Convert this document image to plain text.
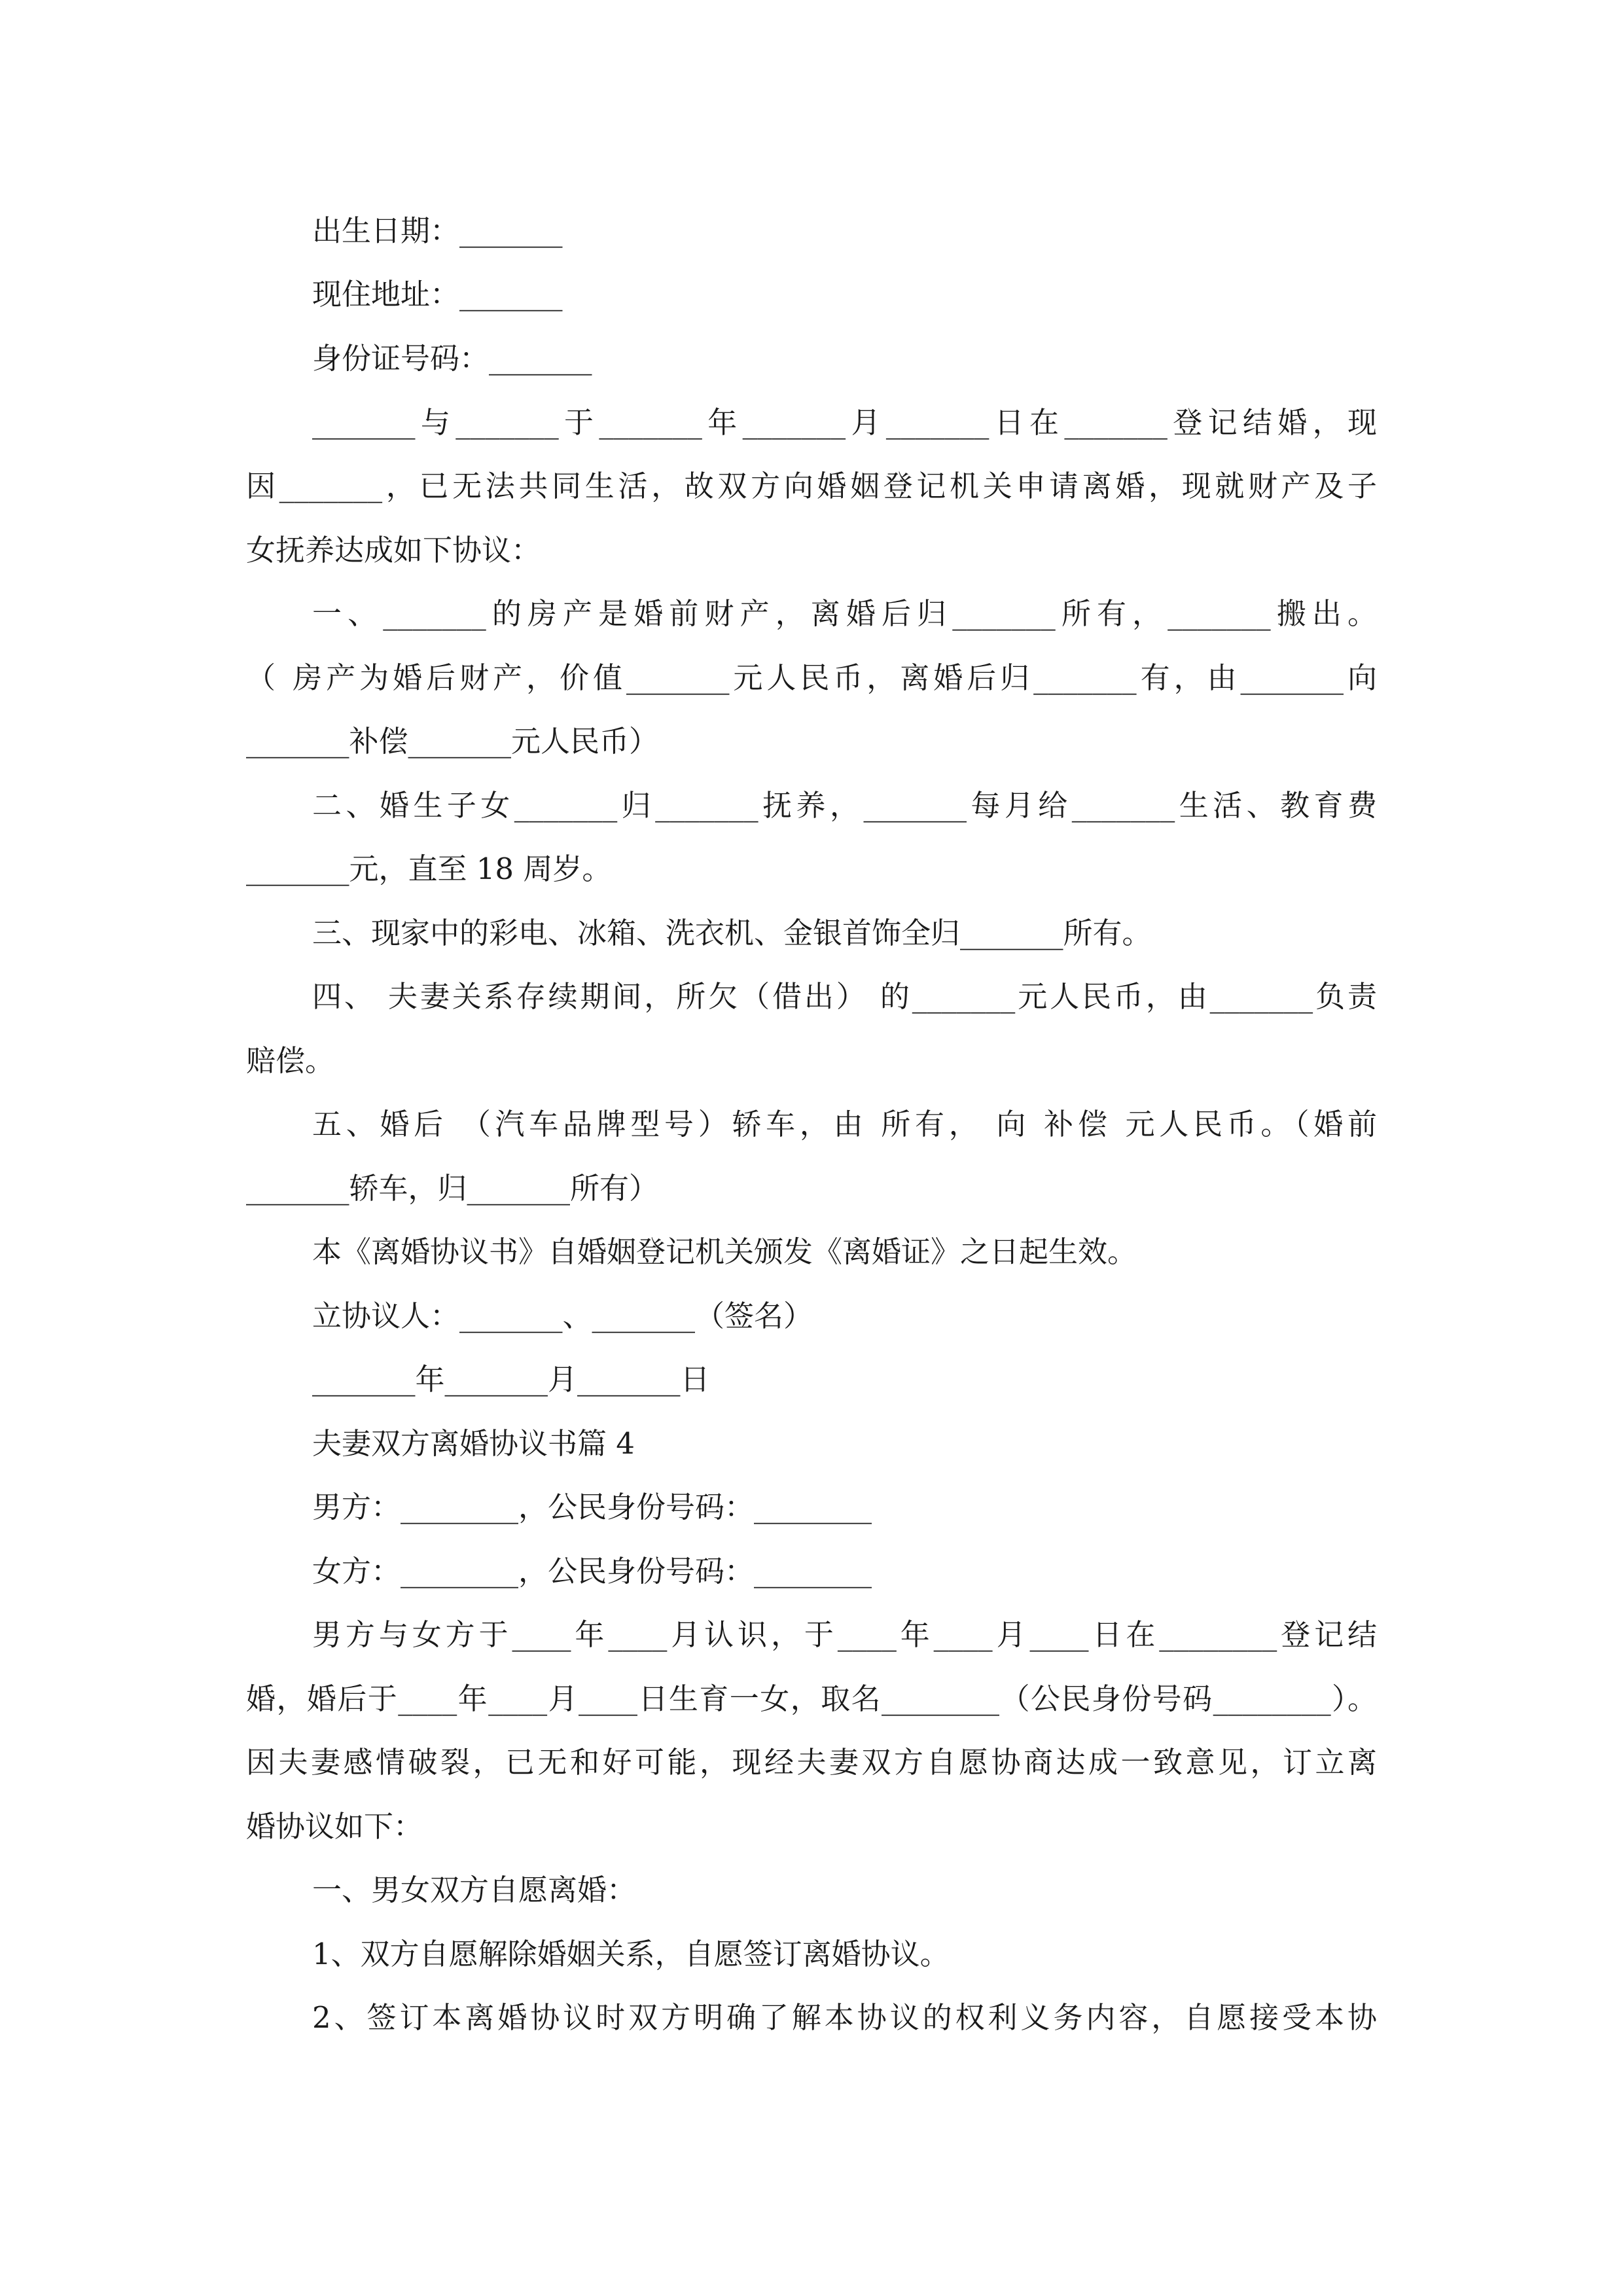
出生日期：_______
现住地址：_______
身份证号码：_______
_______与_______于_______年_______月_______日在_______登记结婚，现
因_______，已无法共同生活，故双方向婚姻登记机关申请离婚，现就财产及子
女抚养达成如下协议：
一、_______的房产是婚前财产，离婚后归_______所有，_______搬出。
（ 房产为婚后财产，价值_______元人民币，离婚后归_______有，由_______向
_______补偿_______元人民币）
二、婚生子女_______归_______抚养，_______每月给_______生活、教育费
_______元，直至 18 周岁。
三、现家中的彩电、冰箱、洗衣机、金银首饰全归_______所有。
四、 夫妻关系存续期间，所欠（借出） 的_______元人民币，由_______负责
赔偿。
五、婚后 （汽车品牌型号）轿车，由 所有， 向 补偿 元人民币。（婚前
_______轿车，归_______所有）
本《离婚协议书》自婚姻登记机关颁发《离婚证》之日起生效。
立协议人：_______、_______（签名）
_______年_______月_______日
夫妻双方离婚协议书篇 4
男方：________，公民身份号码：________
女方：________，公民身份号码：________
男方与女方于____年____月认识，于____年____月____日在________登记结
婚，婚后于____年____月____日生育一女，取名________（公民身份号码________）。
因夫妻感情破裂，已无和好可能，现经夫妻双方自愿协商达成一致意见，订立离
婚协议如下：
一、男女双方自愿离婚：
1、双方自愿解除婚姻关系，自愿签订离婚协议。
2、签订本离婚协议时双方明确了解本协议的权利义务内容，自愿接受本协
